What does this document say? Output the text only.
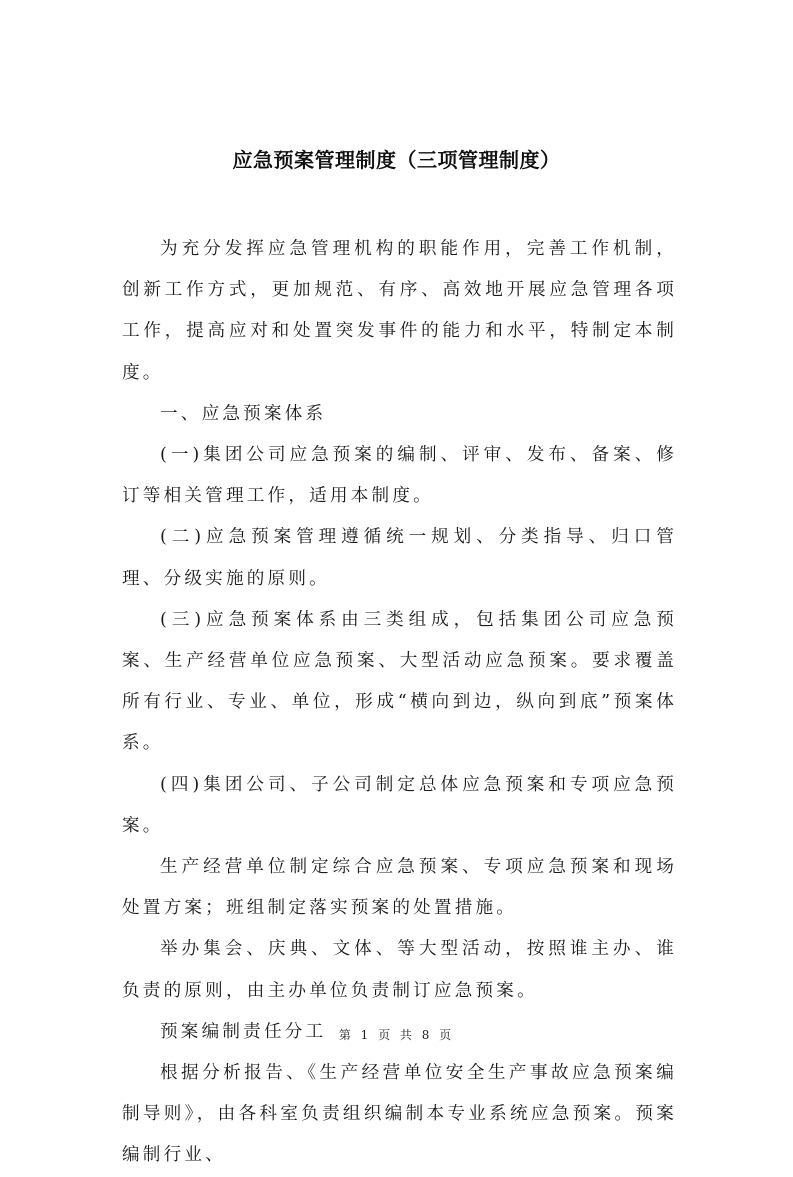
应急预案管理制度（三项管理制度）

为充分发挥应急管理机构的职能作用，完善工作机制，创新工作方式，更加规范、有序、高效地开展应急管理各项工作，提高应对和处置突发事件的能力和水平，特制定本制度。

一、应急预案体系

(一)集团公司应急预案的编制、评审、发布、备案、修订等相关管理工作，适用本制度。

(二)应急预案管理遵循统一规划、分类指导、归口管理、分级实施的原则。

(三)应急预案体系由三类组成，包括集团公司应急预案、生产经营单位应急预案、大型活动应急预案。要求覆盖所有行业、专业、单位，形成“横向到边，纵向到底”预案体系。

(四)集团公司、子公司制定总体应急预案和专项应急预案。

生产经营单位制定综合应急预案、专项应急预案和现场处置方案；班组制定落实预案的处置措施。

举办集会、庆典、文体、等大型活动，按照谁主办、谁负责的原则，由主办单位负责制订应急预案。

预案编制责任分工

根据分析报告、《生产经营单位安全生产事故应急预案编制导则》，由各科室负责组织编制本专业系统应急预案。预案编制行业、

第 1 页 共 8 页
